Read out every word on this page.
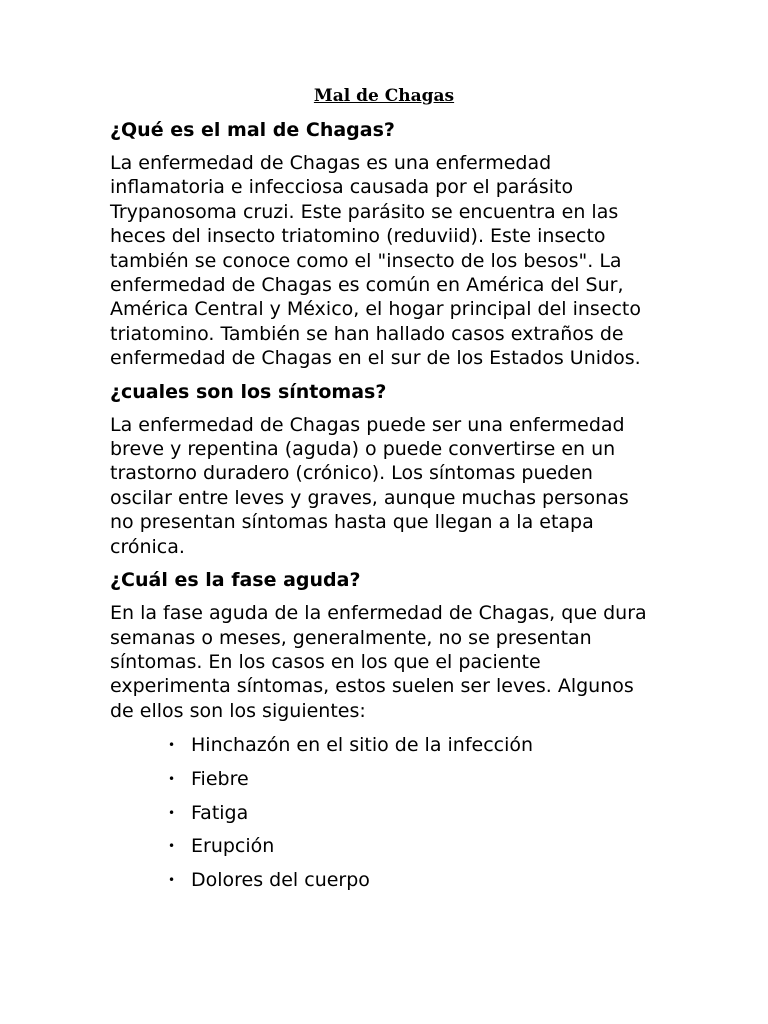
Mal de Chagas
¿Qué es el mal de Chagas?

La enfermedad de Chagas es una enfermedad inflamatoria e infecciosa causada por el parásito Trypanosoma cruzi. Este parásito se encuentra en las heces del insecto triatomino (reduviid). Este insecto también se conoce como el "insecto de los besos". La enfermedad de Chagas es común en América del Sur, América Central y México, el hogar principal del insecto triatomino. También se han hallado casos extraños de enfermedad de Chagas en el sur de los Estados Unidos.

¿cuales son los síntomas?

La enfermedad de Chagas puede ser una enfermedad breve y repentina (aguda) o puede convertirse en un trastorno duradero (crónico). Los síntomas pueden oscilar entre leves y graves, aunque muchas personas no presentan síntomas hasta que llegan a la etapa crónica.

¿Cuál es la fase aguda?

En la fase aguda de la enfermedad de Chagas, que dura semanas o meses, generalmente, no se presentan síntomas. En los casos en los que el paciente experimenta síntomas, estos suelen ser leves. Algunos de ellos son los siguientes:

• Hinchazón en el sitio de la infección
• Fiebre
• Fatiga
• Erupción
• Dolores del cuerpo
